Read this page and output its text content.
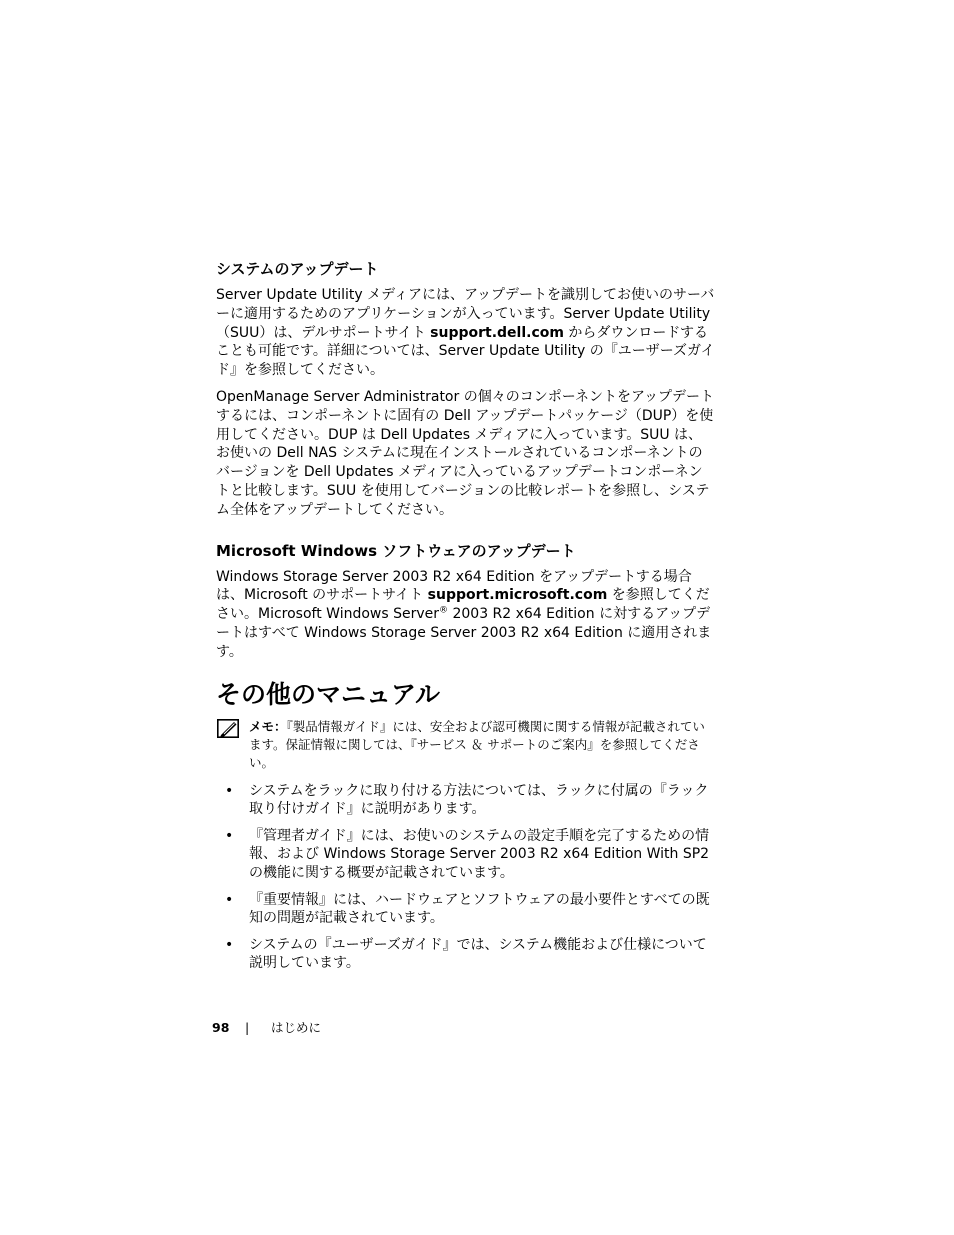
システムのアップデート
Server Update Utility メディアには、アップデートを識別してお使いのサーバーに適用するためのアプリケーションが入っています。Server Update Utility（SUU）は、デルサポートサイト support.dell.com からダウンロードすることも可能です。詳細については、Server Update Utility の『ユーザーズガイド』を参照してください。
OpenManage Server Administrator の個々のコンポーネントをアップデートするには、コンポーネントに固有の Dell アップデートパッケージ（DUP）を使用してください。DUP は Dell Updates メディアに入っています。SUU は、お使いの Dell NAS システムに現在インストールされているコンポーネントのバージョンを Dell Updates メディアに入っているアップデートコンポーネントと比較します。SUU を使用してバージョンの比較レポートを参照し、システム全体をアップデートしてください。
Microsoft Windows ソフトウェアのアップデート
Windows Storage Server 2003 R2 x64 Edition をアップデートする場合は、Microsoft のサポートサイト support.microsoft.com を参照してください。Microsoft Windows Server® 2003 R2 x64 Edition に対するアップデートはすべて Windows Storage Server 2003 R2 x64 Edition に適用されます。
その他のマニュアル
メモ：『製品情報ガイド』には、安全および認可機関に関する情報が記載されています。保証情報に関しては、『サービス ＆ サポートのご案内』を参照してください。
• システムをラックに取り付ける方法については、ラックに付属の『ラック取り付けガイド』に説明があります。
• 『管理者ガイド』には、お使いのシステムの設定手順を完了するための情報、および Windows Storage Server 2003 R2 x64 Edition With SP2 の機能に関する概要が記載されています。
• 『重要情報』には、ハードウェアとソフトウェアの最小要件とすべての既知の問題が記載されています。
• システムの『ユーザーズガイド』では、システム機能および仕様について説明しています。
98 | はじめに
